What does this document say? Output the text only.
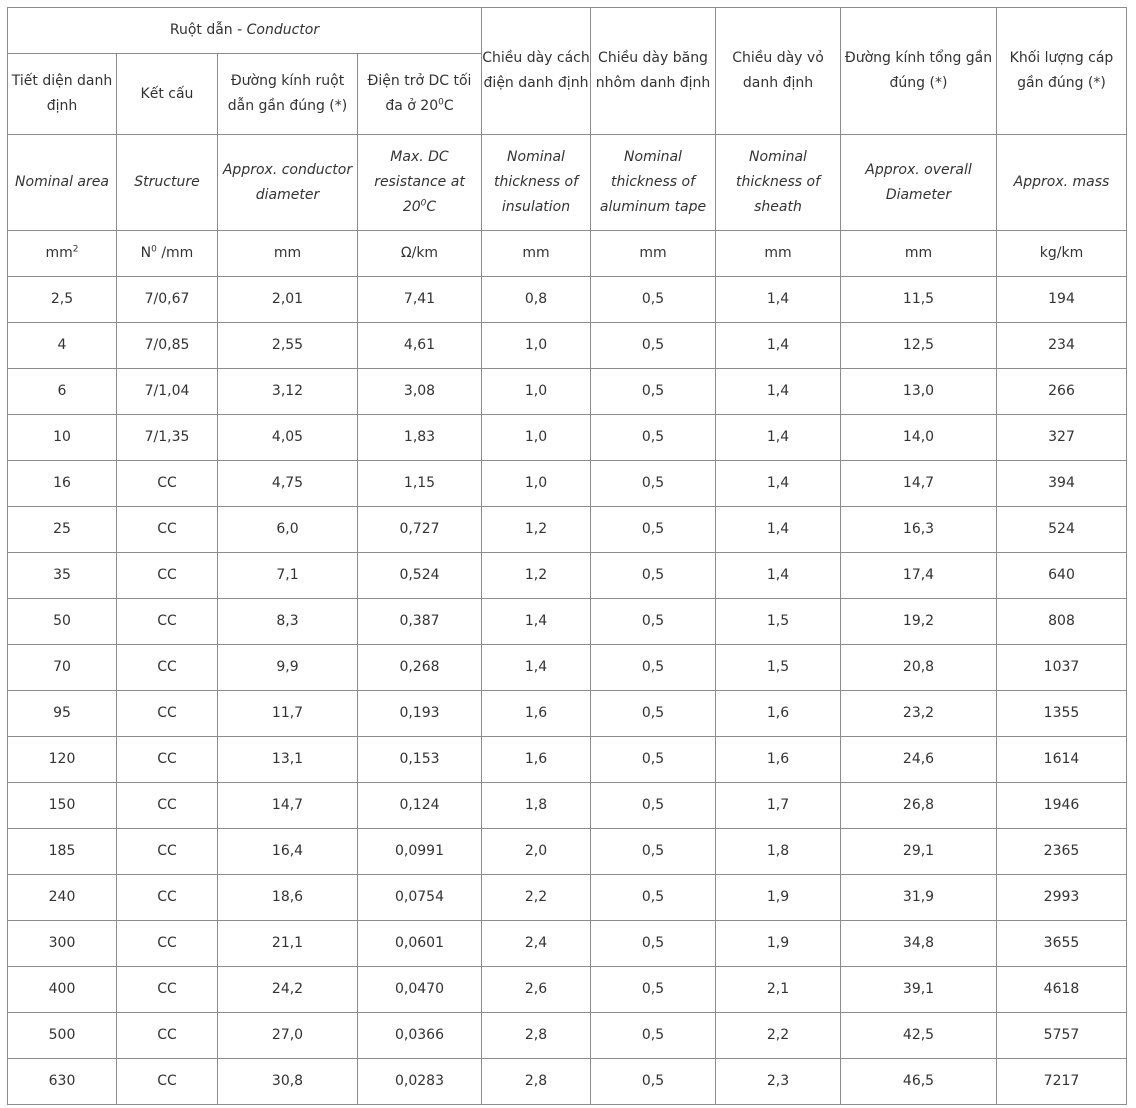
Ruột dẫn - Conductor				Chiều dày cách điện danh định	Chiều dày băng nhôm danh định	Chiều dày vỏ danh định	Đường kính tổng gần đúng (*)	Khối lượng cáp gần đúng (*)
Tiết diện danh định	Kết cấu	Đường kính ruột dẫn gần đúng (*)	Điện trở DC tối đa ở $20^0C$					
Nominal area	Structure	Approx. conductor diameter	Max. DC resistance at $20^0C$	Nominal thickness of insulation	Nominal thickness of aluminum tape	Nominal thickness of sheath	Approx. overall Diameter	Approx. mass
$mm^2$	$N^0$ /mm	mm	Ω/km	mm	mm	mm	mm	kg/km
2,5	7/0,67	2,01	7,41	0,8	0,5	1,4	11,5	194
4	7/0,85	2,55	4,61	1,0	0,5	1,4	12,5	234
6	7/1,04	3,12	3,08	1,0	0,5	1,4	13,0	266
10	7/1,35	4,05	1,83	1,0	0,5	1,4	14,0	327
16	CC	4,75	1,15	1,0	0,5	1,4	14,7	394
25	CC	6,0	0,727	1,2	0,5	1,4	16,3	524
35	CC	7,1	0,524	1,2	0,5	1,4	17,4	640
50	CC	8,3	0,387	1,4	0,5	1,5	19,2	808
70	CC	9,9	0,268	1,4	0,5	1,5	20,8	1037
95	CC	11,7	0,193	1,6	0,5	1,6	23,2	1355
120	CC	13,1	0,153	1,6	0,5	1,6	24,6	1614
150	CC	14,7	0,124	1,8	0,5	1,7	26,8	1946
185	CC	16,4	0,0991	2,0	0,5	1,8	29,1	2365
240	CC	18,6	0,0754	2,2	0,5	1,9	31,9	2993
300	CC	21,1	0,0601	2,4	0,5	1,9	34,8	3655
400	CC	24,2	0,0470	2,6	0,5	2,1	39,1	4618
500	CC	27,0	0,0366	2,8	0,5	2,2	42,5	5757
630	CC	30,8	0,0283	2,8	0,5	2,3	46,5	7217
